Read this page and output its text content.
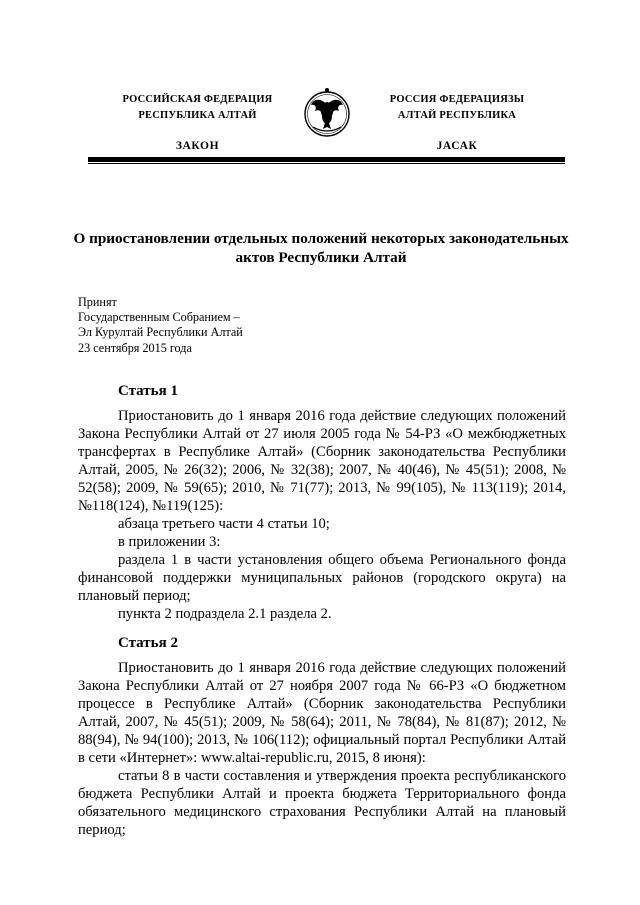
РОССИЙСКАЯ ФЕДЕРАЦИЯ
РЕСПУБЛИКА АЛТАЙ
ЗАКОН
РОССИЯ ФЕДЕРАЦИЯЗЫ
АЛТАЙ РЕСПУБЛИКА
JАСАК
О приостановлении отдельных положений некоторых законодательных актов Республики Алтай
Принят
Государственным Собранием –
Эл Курултай Республики Алтай
23 сентября 2015 года
Статья 1

Приостановить до 1 января 2016 года действие следующих положений Закона Республики Алтай от 27 июля 2005 года № 54-РЗ «О межбюджетных трансфертах в Республике Алтай» (Сборник законодательства Республики Алтай, 2005, № 26(32); 2006, № 32(38); 2007, № 40(46), № 45(51); 2008, № 52(58); 2009, № 59(65); 2010, № 71(77); 2013, № 99(105), № 113(119); 2014, №118(124), №119(125):

абзаца третьего части 4 статьи 10;

в приложении 3:

раздела 1 в части установления общего объема Регионального фонда финансовой поддержки муниципальных районов (городского округа) на плановый период;

пункта 2 подраздела 2.1 раздела 2.

Статья 2

Приостановить до 1 января 2016 года действие следующих положений Закона Республики Алтай от 27 ноября 2007 года № 66-РЗ «О бюджетном процессе в Республике Алтай» (Сборник законодательства Республики Алтай, 2007, № 45(51); 2009, № 58(64); 2011, № 78(84), № 81(87); 2012, № 88(94), № 94(100); 2013, № 106(112); официальный портал Республики Алтай в сети «Интернет»: www.altai-republic.ru, 2015, 8 июня):

статьи 8 в части составления и утверждения проекта республиканского бюджета Республики Алтай и проекта бюджета Территориального фонда обязательного медицинского страхования Республики Алтай на плановый период;
